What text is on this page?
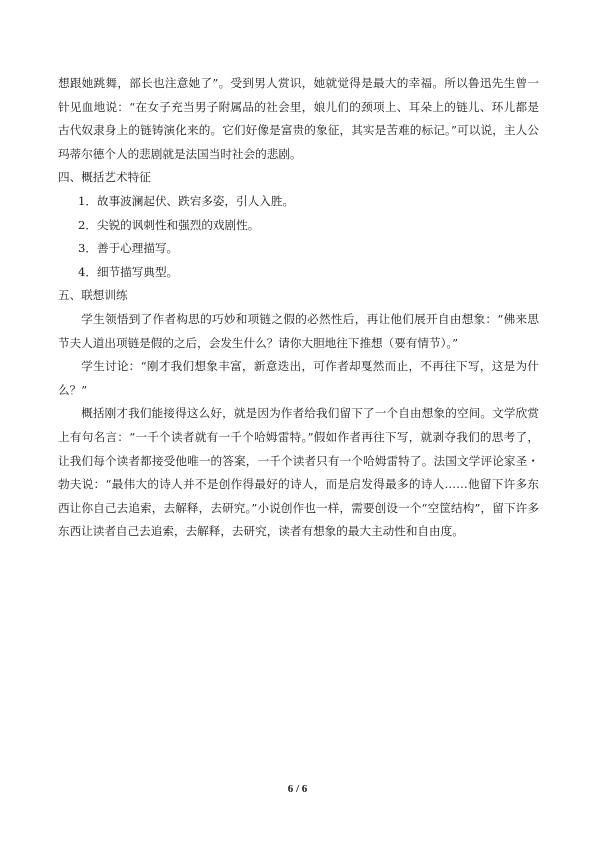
想跟她跳舞，部长也注意她了”。受到男人赏识，她就觉得是最大的幸福。所以鲁迅先生曾一针见血地说：“在女子充当男子附属品的社会里，娘儿们的颈项上、耳朵上的链儿、环儿都是古代奴隶身上的链铸演化来的。它们好像是富贵的象征，其实是苦难的标记。”可以说，主人公玛蒂尔德个人的悲剧就是法国当时社会的悲剧。

四、概括艺术特征

1．故事波澜起伏、跌宕多姿，引人入胜。

2．尖锐的讽刺性和强烈的戏剧性。

3．善于心理描写。

4．细节描写典型。

五、联想训练

学生领悟到了作者构思的巧妙和项链之假的必然性后，再让他们展开自由想象：“佛来思节夫人道出项链是假的之后，会发生什么？请你大胆地往下推想（要有情节）。”

学生讨论：“刚才我们想象丰富，新意迭出，可作者却戛然而止，不再往下写，这是为什么？”

概括刚才我们能接得这么好，就是因为作者给我们留下了一个自由想象的空间。文学欣赏上有句名言：“一千个读者就有一千个哈姆雷特。”假如作者再往下写，就剥夺我们的思考了，让我们每个读者都接受他唯一的答案，一千个读者只有一个哈姆雷特了。法国文学评论家圣・勃夫说：“最伟大的诗人并不是创作得最好的诗人，而是启发得最多的诗人……他留下许多东西让你自己去追索，去解释，去研究。”小说创作也一样，需要创设一个“空筐结构”，留下许多东西让读者自己去追索，去解释，去研究，读者有想象的最大主动性和自由度。

6 / 6
